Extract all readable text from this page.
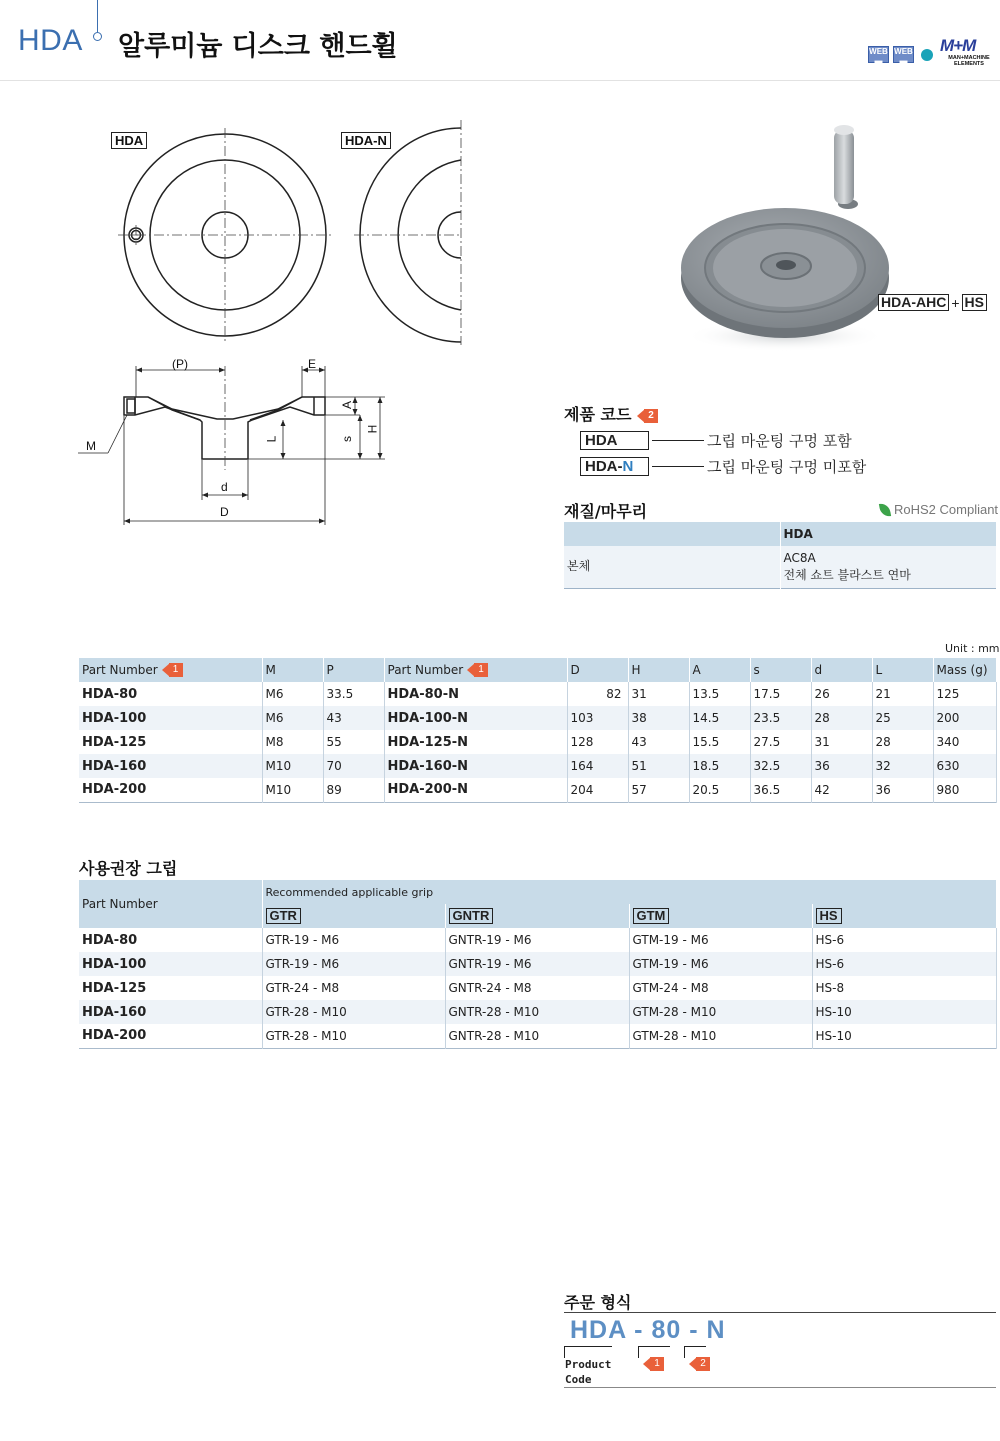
HDA 알루미늄 디스크 핸드휠	WEB
▬
WEB
▬
M+M
MAN+MACHINE
ELEMENTS
HDA	HDA-N
(P)	E
A
H
s
L
M
d
D
HDA-AHC + HS
제품 코드	2
HDA	그립 마운팅 구멍 포함
HDA-N	그립 마운팅 구멍 미포함
재질/마무리	RoHS2 Compliant
	HDA
본체	AC8A
전체 쇼트 블라스트 연마
Unit : mm
Part Number 1	M	P	Part Number 1	D	H	A	s	d	L	Mass (g)
HDA-80	M6	33.5	HDA-80-N	82	31	13.5	17.5	26	21	125
HDA-100	M6	43	HDA-100-N	103	38	14.5	23.5	28	25	200
HDA-125	M8	55	HDA-125-N	128	43	15.5	27.5	31	28	340
HDA-160	M10	70	HDA-160-N	164	51	18.5	32.5	36	32	630
HDA-200	M10	89	HDA-200-N	204	57	20.5	36.5	42	36	980
사용권장 그립
Part Number	Recommended applicable grip			
	GTR	GNTR	GTM	HS
HDA-80	GTR-19 - M6	GNTR-19 - M6	GTM-19 - M6	HS-6
HDA-100	GTR-19 - M6	GNTR-19 - M6	GTM-19 - M6	HS-6
HDA-125	GTR-24 - M8	GNTR-24 - M8	GTM-24 - M8	HS-8
HDA-160	GTR-28 - M10	GNTR-28 - M10	GTM-28 - M10	HS-10
HDA-200	GTR-28 - M10	GNTR-28 - M10	GTM-28 - M10	HS-10
주문 형식
HDA - 80 - N
Product
Code
1	2
